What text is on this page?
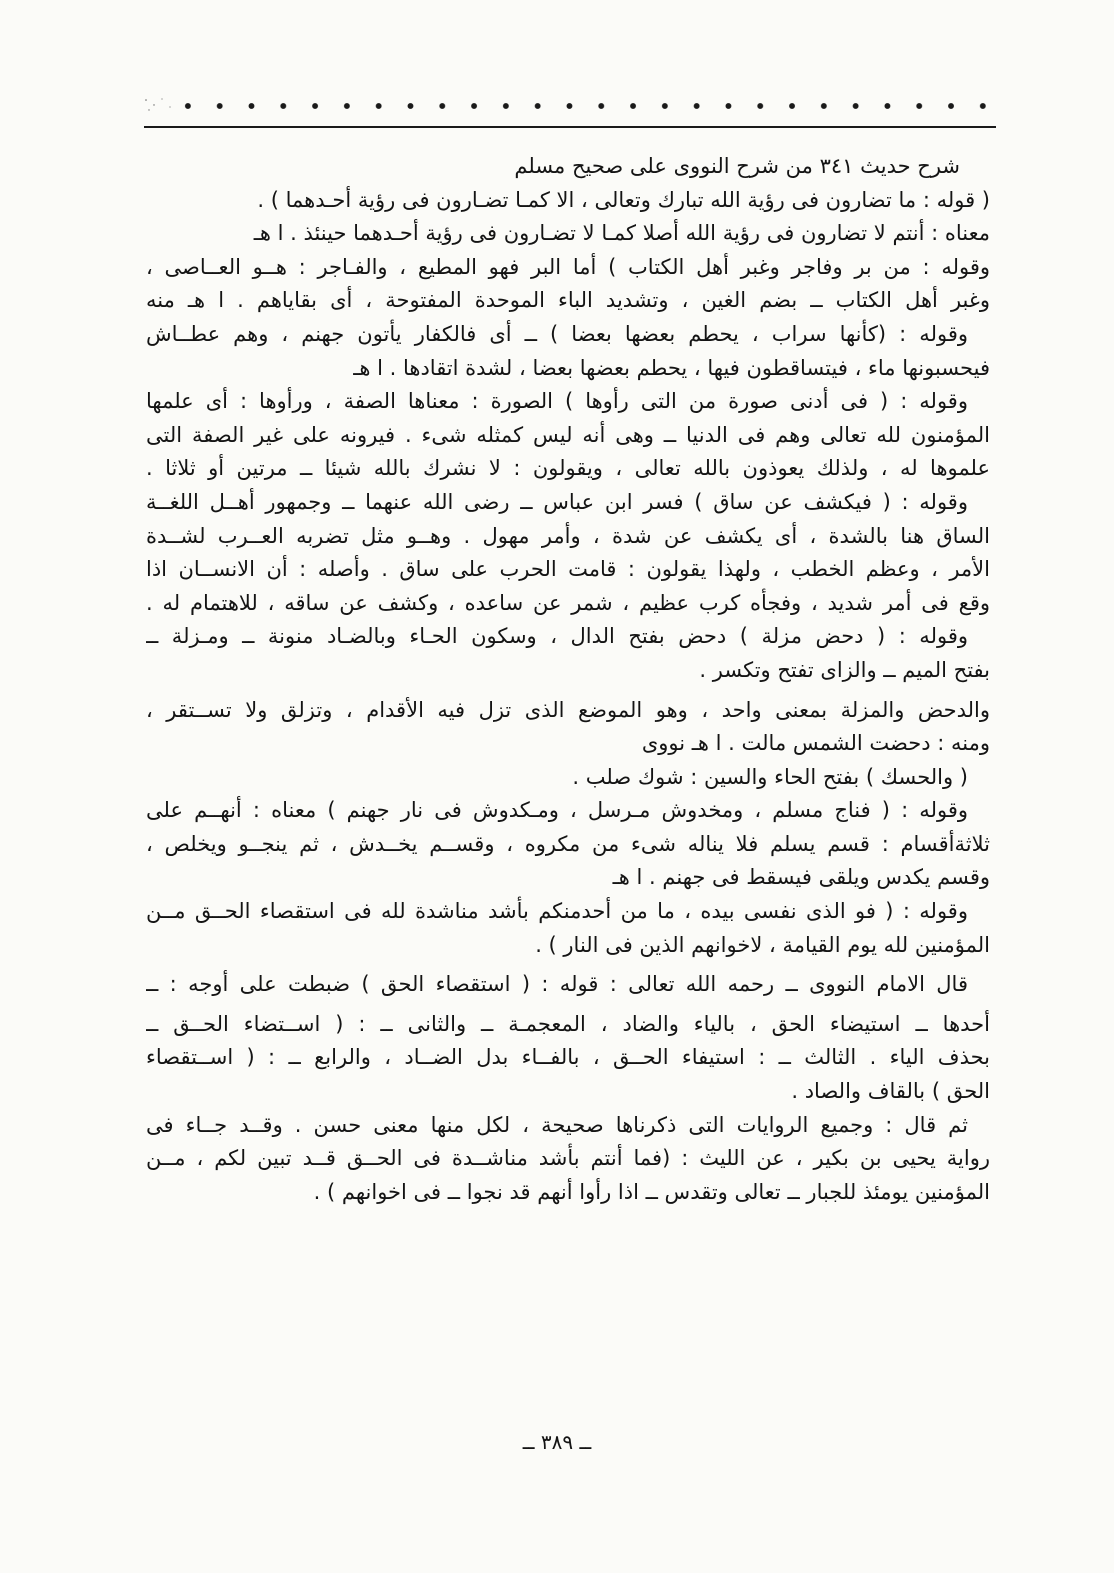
شرح حديث ٣٤١ من شرح النووى على صحيح مسلم
( قوله : ما تضارون فى رؤية الله تبارك وتعالى ، الا كمـا تضـارون فى رؤية أحـدهما ) .
معناه : أنتم لا تضارون فى رؤية الله أصلا كمـا لا تضـارون فى رؤية أحـدهما حينئذ . ا هـ
وقوله : من بر وفاجر وغبر أهل الكتاب ) أما البر فهو المطيع ، والفـاجر : هــو العــاصى ،
وغبر أهل الكتاب ــ بضم الغين ، وتشديد الباء الموحدة المفتوحة ، أى بقاياهم . ا هـ منه
وقوله : (كأنها سراب ، يحطم بعضها بعضا ) ــ أى فالكفار يأتون جهنم ، وهم عطــاش
فيحسبونها ماء ، فيتساقطون فيها ، يحطم بعضها بعضا ، لشدة اتقادها . ا هـ
وقوله : ( فى أدنى صورة من التى رأوها ) الصورة : معناها الصفة ، ورأوها : أى علمها
المؤمنون لله تعالى وهم فى الدنيا ــ وهى أنه ليس كمثله شىء . فيرونه على غير الصفة التى
علموها له ، ولذلك يعوذون بالله تعالى ، ويقولون : لا نشرك بالله شيئا ــ مرتين أو ثلاثا .
وقوله : ( فيكشف عن ساق ) فسر ابن عباس ــ رضى الله عنهما ــ وجمهور أهــل اللغــة
الساق هنا بالشدة ، أى يكشف عن شدة ، وأمر مهول . وهــو مثل تضربه العــرب لشــدة
الأمر ، وعظم الخطب ، ولهذا يقولون : قامت الحرب على ساق . وأصله : أن الانســان اذا
وقع فى أمر شديد ، وفجأه كرب عظيم ، شمر عن ساعده ، وكشف عن ساقه ، للاهتمام له .
وقوله : ( دحض مزلة ) دحض بفتح الدال ، وسكون الحـاء وبالضـاد منونة ــ ومـزلة ــ
بفتح الميم ــ والزاى تفتح وتكسر .
والدحض والمزلة بمعنى واحد ، وهو الموضع الذى تزل فيه الأقدام ، وتزلق ولا تســتقر ،
ومنه : دحضت الشمس مالت . ا هـ نووى
( والحسك ) بفتح الحاء والسين : شوك صلب .
وقوله : ( فناج مسلم ، ومخدوش مـرسل ، ومـكدوش فى نار جهنم ) معناه : أنهــم على
ثلاثةأقسام : قسم يسلم فلا يناله شىء من مكروه ، وقســم يخــدش ، ثم ينجــو ويخلص ،
وقسم يكدس ويلقى فيسقط فى جهنم . ا هـ
وقوله : ( فو الذى نفسى بيده ، ما من أحدمنكم بأشد مناشدة لله فى استقصاء الحــق مــن
المؤمنين لله يوم القيامة ، لاخوانهم الذين فى النار ) .
قال الامام النووى ــ رحمه الله تعالى : قوله : ( استقصاء الحق ) ضبطت على أوجه : ــ
أحدها ــ استيضاء الحق ، بالياء والضاد ، المعجمـة ــ والثانى ــ : ( اســتضاء الحــق ــ
بحذف الياء . الثالث ــ : استيفاء الحــق ، بالفــاء بدل الضــاد ، والرابع ــ : ( اســتقصاء
الحق ) بالقاف والصاد .
ثم قال : وجميع الروايات التى ذكرناها صحيحة ، لكل منها معنى حسن . وقــد جــاء فى
رواية يحيى بن بكير ، عن الليث : (فما أنتم بأشد مناشــدة فى الحــق قــد تبين لكم ، مــن
المؤمنين يومئذ للجبار ــ تعالى وتقدس ــ اذا رأوا أنهم قد نجوا ــ فى اخوانهم ) .
ــ ٣٨٩ ــ
